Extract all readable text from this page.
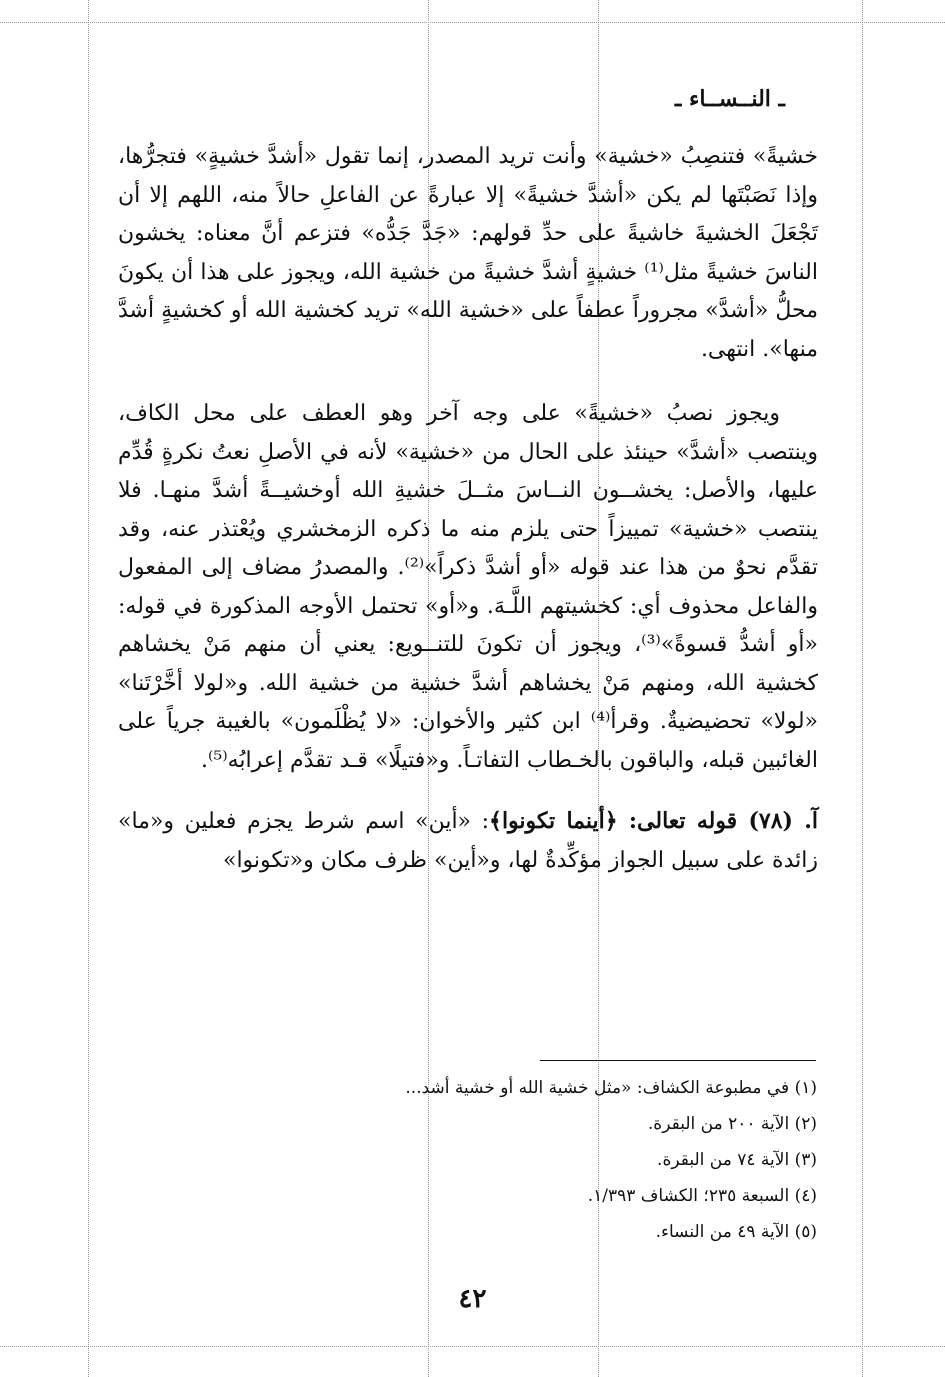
ـ النــســاء ـ

خشيةً» فتنصِبُ «خشية» وأنت تريد المصدر، إنما تقول «أشدَّ خشيةٍ» فتجرُّها، وإذا نَصَبْتَها لم يكن «أشدَّ خشيةً» إلا عبارةً عن الفاعلِ حالاً منه، اللهم إلا أن تَجْعَلَ الخشيةَ خاشيةً على حدِّ قولهم: «جَدَّ جَدُّه» فتزعم أنَّ معناه: يخشون الناسَ خشيةً مثل⁽¹⁾ خشيةٍ أشدَّ خشيةً من خشية الله، ويجوز على هذا أن يكونَ محلُّ «أشدَّ» مجروراً عطفاً على «خشية الله» تريد كخشية الله أو كخشيةٍ أشدَّ منها». انتهى.

ويجوز نصبُ «خشيةً» على وجه آخر وهو العطف على محل الكاف، وينتصب «أشدَّ» حينئذ على الحال من «خشية» لأنه في الأصلِ نعتُ نكرةٍ قُدِّم عليها، والأصل: يخشــون النــاسَ مثــلَ خشيةِ الله أوخشيــةً أشدَّ منهـا. فلا ينتصب «خشية» تمييزاً حتى يلزم منه ما ذكره الزمخشري ويُعْتذر عنه، وقد تقدَّم نحوٌ من هذا عند قوله «أو أشدَّ ذكراً»⁽²⁾. والمصدرُ مضاف إلى المفعول والفاعل محذوف أي: كخشيتهم اللَّـهَ. و«أو» تحتمل الأوجه المذكورة في قوله: «أو أشدُّ قسوةً»⁽³⁾، ويجوز أن تكونَ للتنــويع: يعني أن منهم مَنْ يخشاهم كخشية الله، ومنهم مَنْ يخشاهم أشدَّ خشية من خشية الله. و«لولا أخَّرْتَنا» «لولا» تحضيضيةٌ. وقرأ⁽⁴⁾ ابن كثير والأخوان: «لا يُظْلَمون» بالغيبة جرياً على الغائبين قبله، والباقون بالخـطاب التفاتـاً. و«فتيلًا» قـد تقدَّم إعرابُه⁽⁵⁾.

آ. (٧٨) قوله تعالى: ﴿أينما تكونوا﴾: «أين» اسم شرط يجزم فعلين و«ما» زائدة على سبيل الجواز مؤكِّدةٌ لها، و«أين» ظرف مكان و«تكونوا»

(١) في مطبوعة الكشاف: «مثل خشية الله أو خشية أشد...
(٢) الآية ٢٠٠ من البقرة.
(٣) الآية ٧٤ من البقرة.
(٤) السبعة ٢٣٥؛ الكشاف ١/٣٩٣.
(٥) الآية ٤٩ من النساء.
٤٢
